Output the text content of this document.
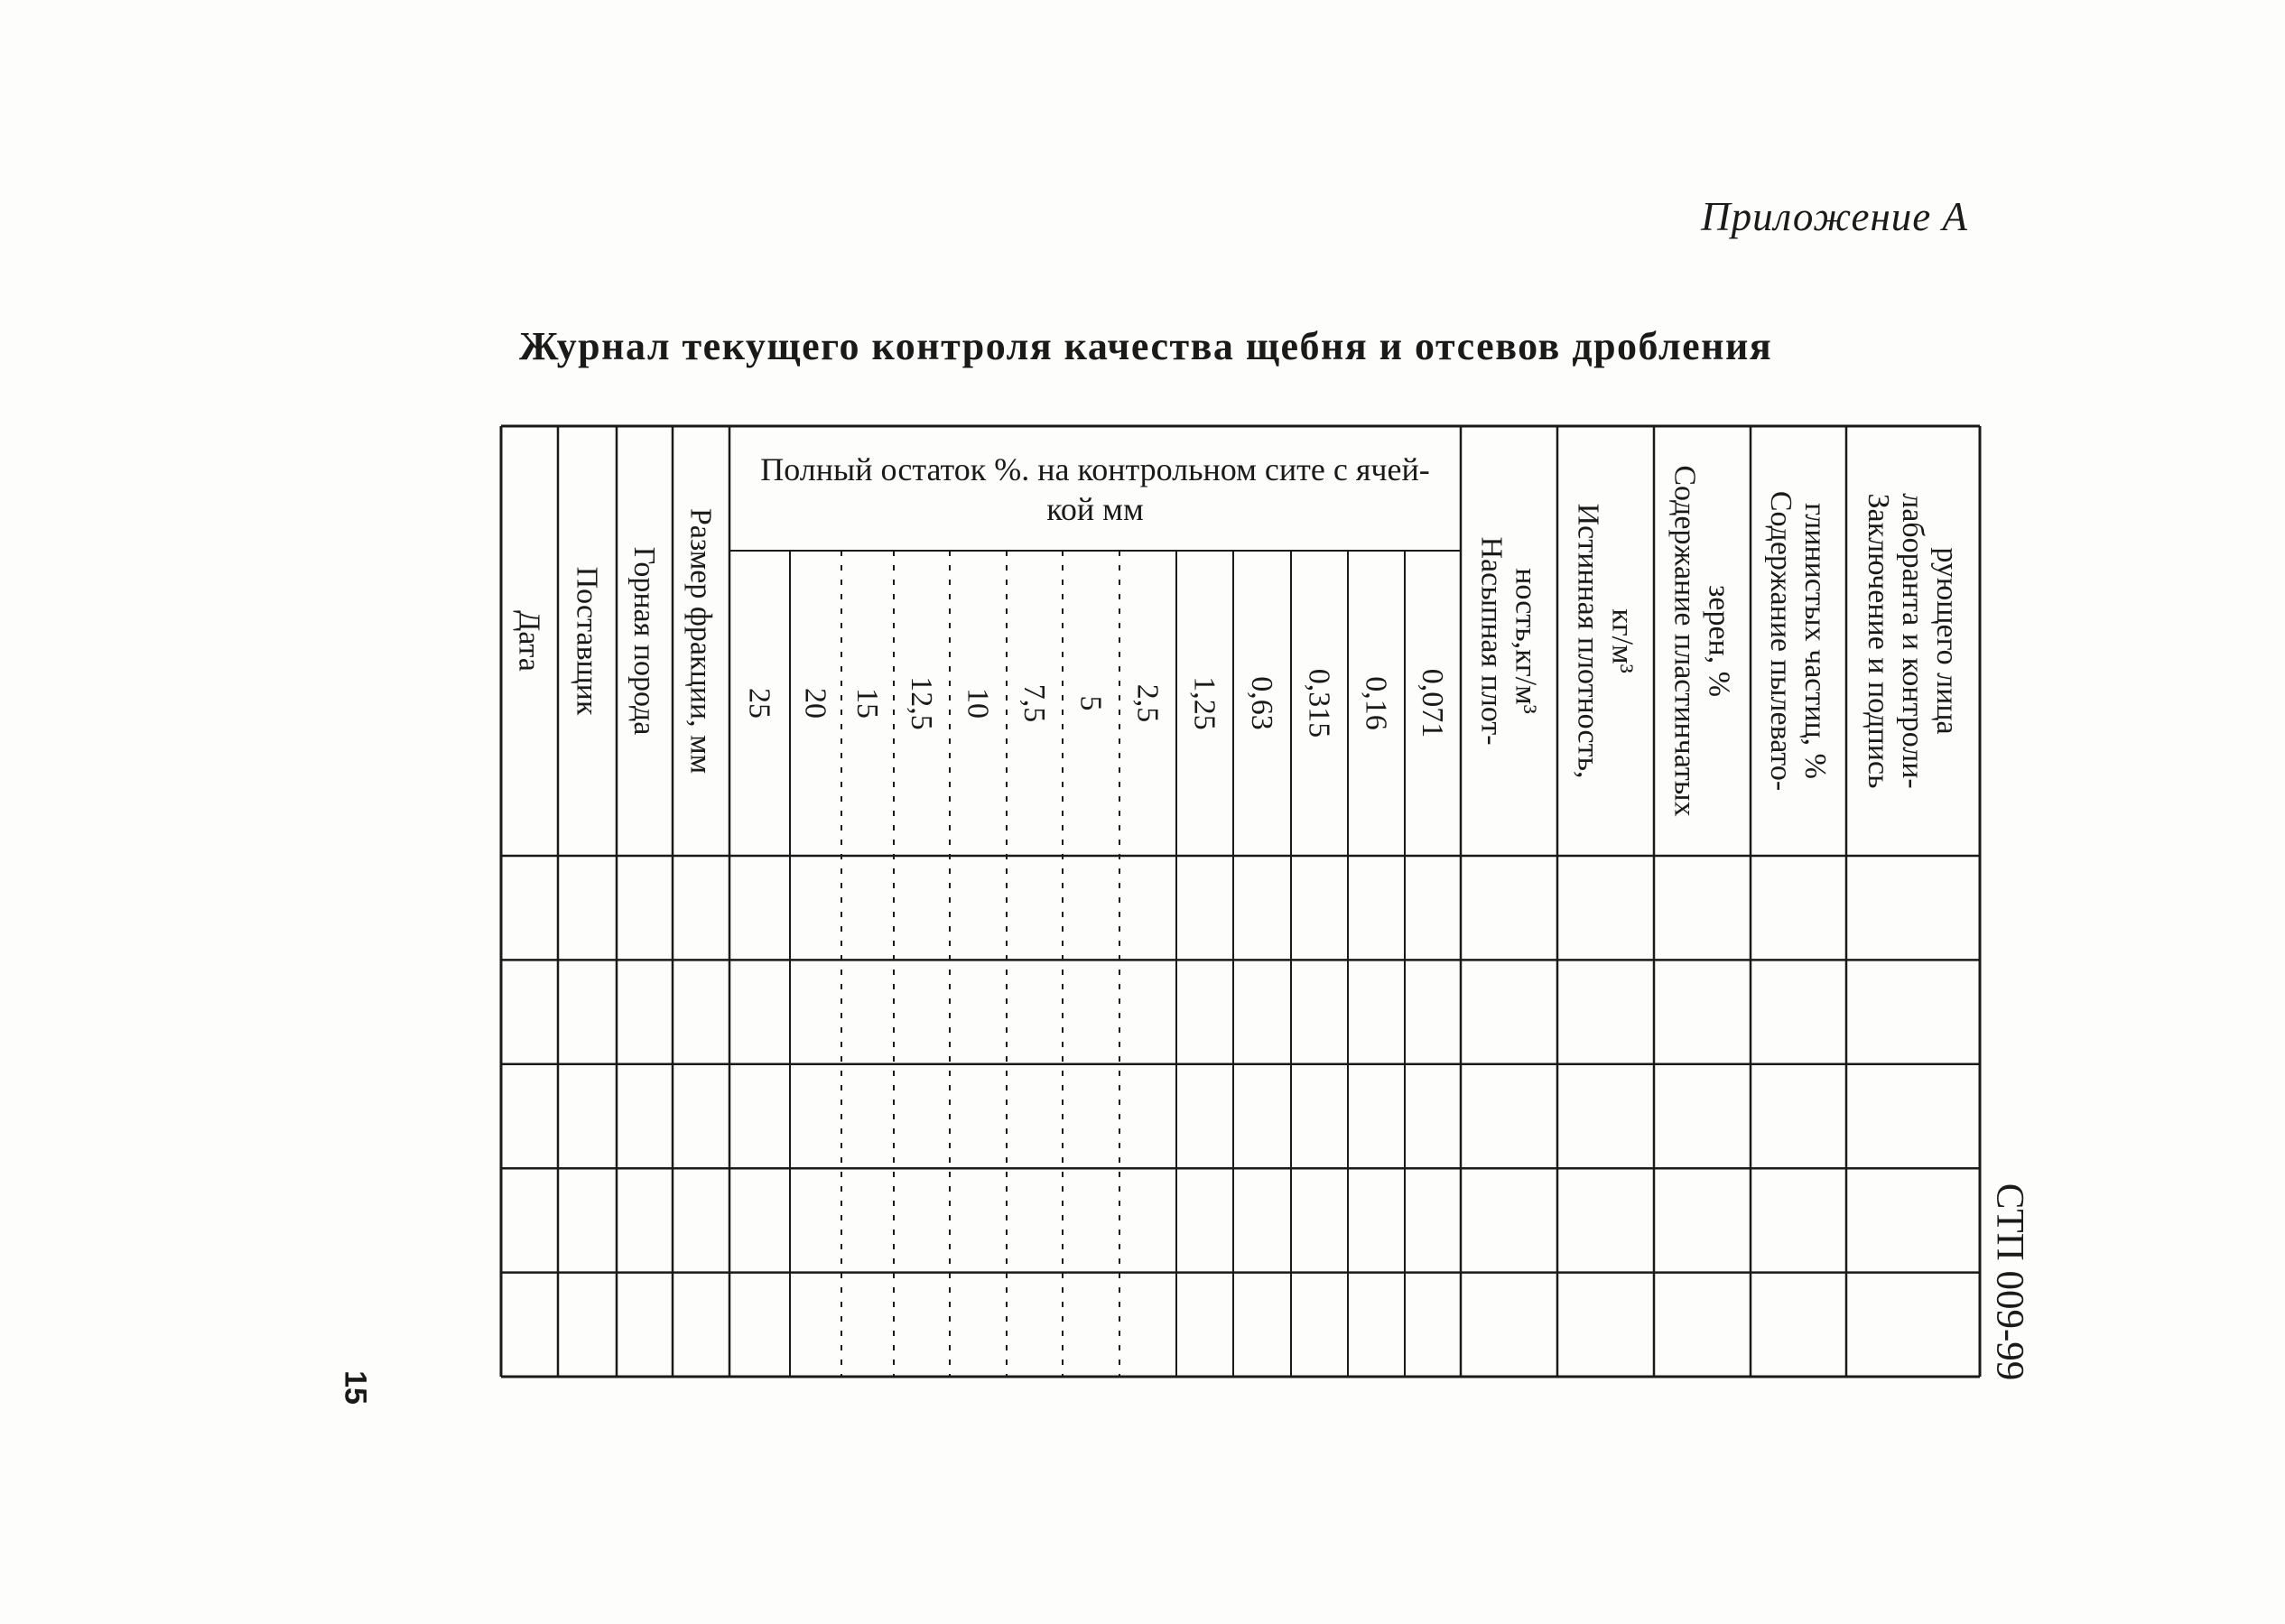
Приложение А
Журнал текущего контроля качества щебня и отсевов дробления
Дата Поставщик Горная порода Размер фракции, мм 25 20 15 12,5 10 7,5 5 2,5 1,25 0,63 0,315 0,16 0,071 Насыпная плот-ность,кг/м³ Истинная плотность,кг/м³ Содержание пластинчатыхзерен, % Содержание пылевато-глинистых частиц, % Заключение и подписьлаборанта и контроли-рующего лица
Полный остаток %. на контрольном сите с ячей-
кой мм
СТП 009-99
15
